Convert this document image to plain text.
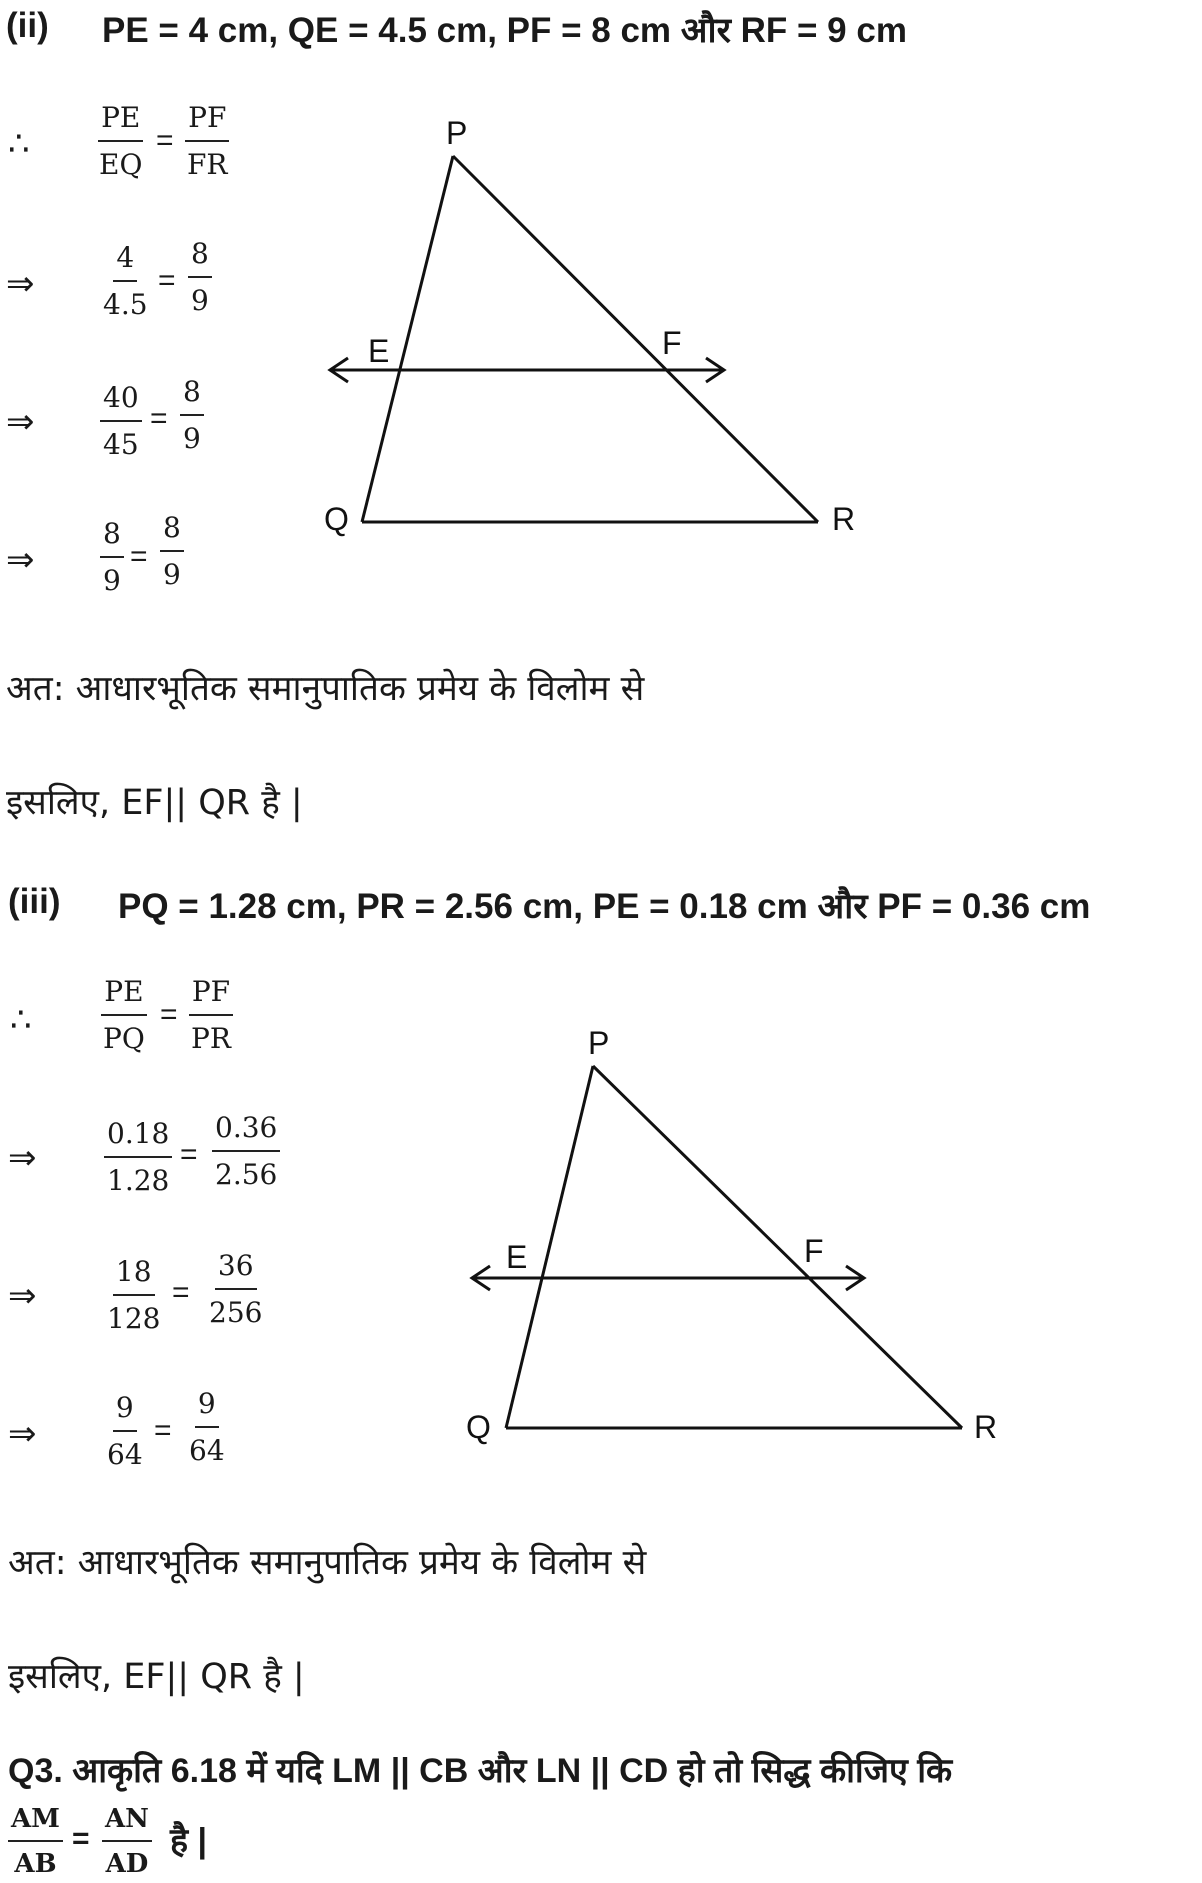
(ii) PE = 4 cm, QE = 4.5 cm, PF = 8 cm और RF = 9 cm
∴ $\frac{PE}{EQ} = \frac{PF}{FR}$
⇒ $\frac{4}{4.5} = \frac{8}{9}$
⇒ $\frac{40}{45} = \frac{8}{9}$
⇒ $\frac{8}{9} = \frac{8}{9}$
P
Q	R
E	F
अत: आधारभूतिक समानुपातिक प्रमेय के विलोम से
इसलिए, EF|| QR है |
(iii) PQ = 1.28 cm, PR = 2.56 cm, PE = 0.18 cm और PF = 0.36 cm
∴ $\frac{PE}{PQ} = \frac{PF}{PR}$
⇒ $\frac{0.18}{1.28} = \frac{0.36}{2.56}$
⇒ $\frac{18}{128} = \frac{36}{256}$
⇒ $\frac{9}{64} = \frac{9}{64}$
P
Q	R
E	F
अत: आधारभूतिक समानुपातिक प्रमेय के विलोम से
इसलिए, EF|| QR है |
Q3. आकृति 6.18 में यदि LM || CB और LN || CD हो तो सिद्ध कीजिए कि
$\frac{AM}{AB} = \frac{AN}{AD}$ है |
